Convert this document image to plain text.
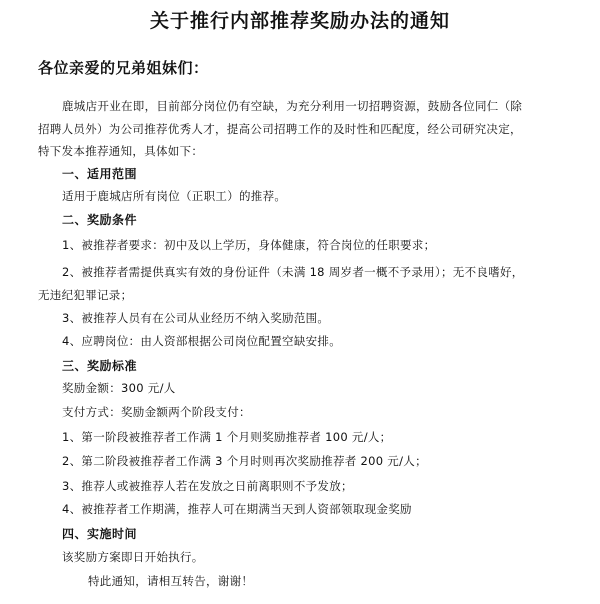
关于推行内部推荐奖励办法的通知
各位亲爱的兄弟姐妹们：
鹿城店开业在即，目前部分岗位仍有空缺，为充分利用一切招聘资源，鼓励各位同仁（除
招聘人员外）为公司推荐优秀人才，提高公司招聘工作的及时性和匹配度，经公司研究决定，
特下发本推荐通知，具体如下：
一、适用范围
适用于鹿城店所有岗位（正职工）的推荐。
二、奖励条件
1、被推荐者要求：初中及以上学历，身体健康，符合岗位的任职要求；
2、被推荐者需提供真实有效的身份证件（未满 18 周岁者一概不予录用）；无不良嗜好，
无违纪犯罪记录；
3、被推荐人员有在公司从业经历不纳入奖励范围。
4、应聘岗位：由人资部根据公司岗位配置空缺安排。
三、奖励标准
奖励金额：300 元/人
支付方式：奖励金额两个阶段支付：
1、第一阶段被推荐者工作满 1 个月则奖励推荐者 100 元/人；
2、第二阶段被推荐者工作满 3 个月时则再次奖励推荐者 200 元/人；
3、推荐人或被推荐人若在发放之日前离职则不予发放；
4、被推荐者工作期满，推荐人可在期满当天到人资部领取现金奖励
四、实施时间
该奖励方案即日开始执行。
特此通知，请相互转告，谢谢！
